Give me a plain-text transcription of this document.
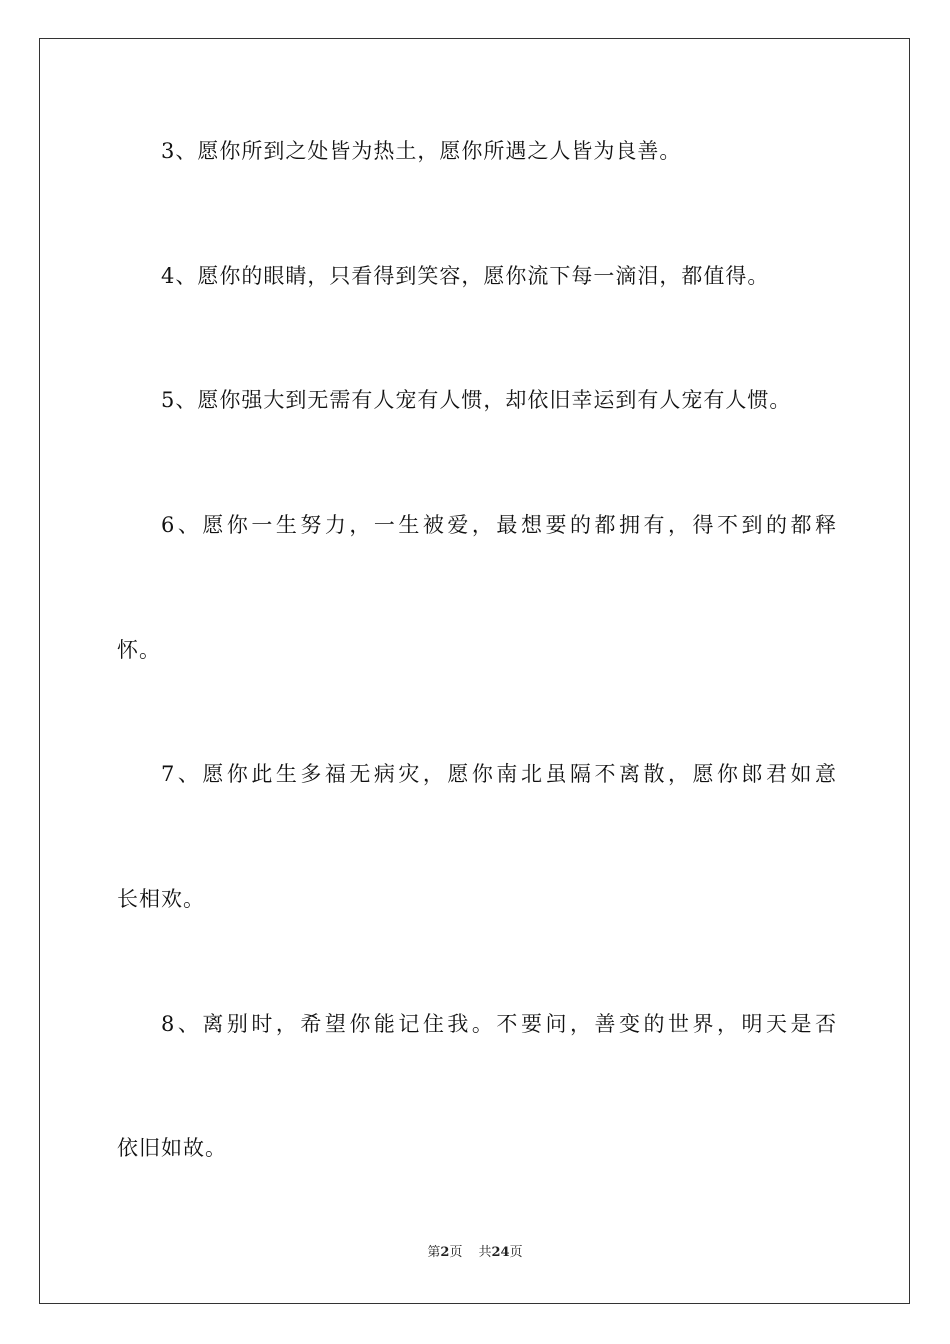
3、愿你所到之处皆为热土，愿你所遇之人皆为良善。
4、愿你的眼睛，只看得到笑容，愿你流下每一滴泪，都值得。
5、愿你强大到无需有人宠有人惯，却依旧幸运到有人宠有人惯。
6、愿你一生努力，一生被爱，最想要的都拥有，得不到的都释
怀。
7、愿你此生多福无病灾，愿你南北虽隔不离散，愿你郎君如意
长相欢。
8、离别时，希望你能记住我。不要问，善变的世界，明天是否
依旧如故。
第2页 共24页
